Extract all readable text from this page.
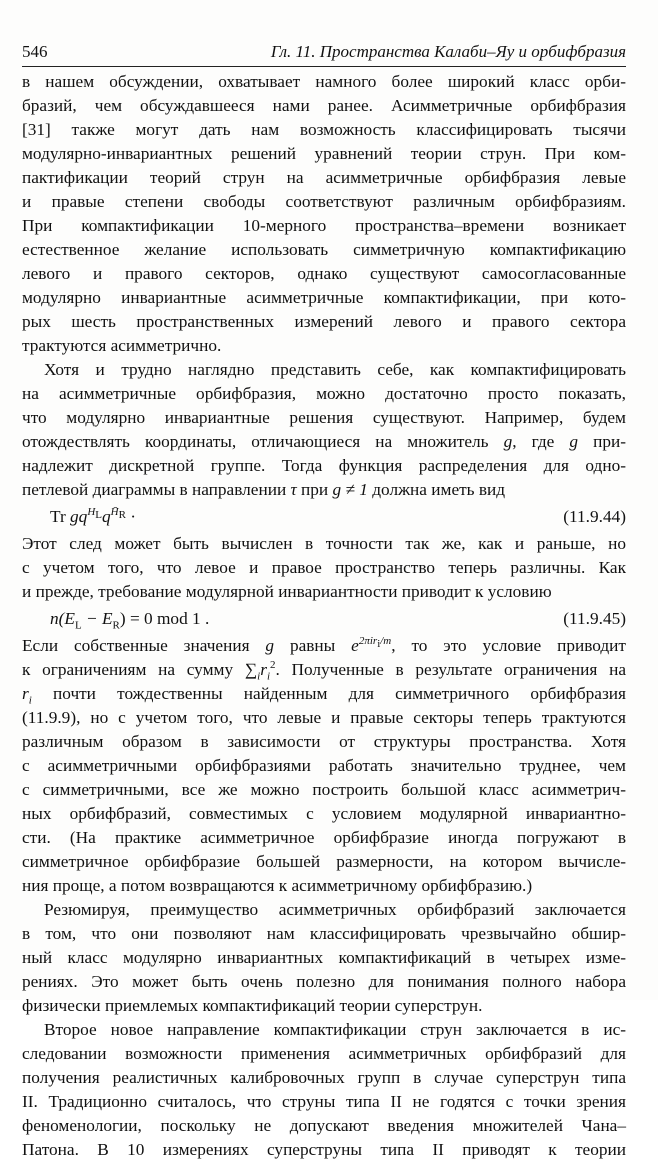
546	Гл. 11. Пространства Калаби–Яу и орбифбразия
в нашем обсуждении, охватывает намного более широкий класс орби-
бразий, чем обсуждавшееся нами ранее. Асимметричные орбифбразия
[31] также могут дать нам возможность классифицировать тысячи
модулярно-инвариантных решений уравнений теории струн. При ком-
пактификации теорий струн на асимметричные орбифбразия левые
и правые степени свободы соответствуют различным орбифбразиям.
При компактификации 10-мерного пространства–времени возникает
естественное желание использовать симметричную компактификацию
левого и правого секторов, однако существуют самосогласованные
модулярно инвариантные асимметричные компактификации, при кото-
рых шесть пространственных измерений левого и правого сектора
трактуются асимметрично.
Хотя и трудно наглядно представить себе, как компактифицировать
на асимметричные орбифбразия, можно достаточно просто показать,
что модулярно инвариантные решения существуют. Например, будем
отождествлять координаты, отличающиеся на множитель g, где g при-
надлежит дискретной группе. Тогда функция распределения для одно-
петлевой диаграммы в направлении τ при g ≠ 1 должна иметь вид
Tr $gq^{H_L}q^{H̄_R}$ ·	(11.9.44)
Этот след может быть вычислен в точности так же, как и раньше, но
с учетом того, что левое и правое пространство теперь различны. Как
и прежде, требование модулярной инвариантности приводит к условию
$n(E_L - E_R) = 0$ mod 1 .	(11.9.45)
Если собственные значения g равны $e^{2\pi ir_i/m}$, то это условие приводит
к ограничениям на сумму $\sum_ir_i^2$. Полученные в результате ограничения на
$r_i$ почти тождественны найденным для симметричного орбифбразия
(11.9.9), но с учетом того, что левые и правые секторы теперь трактуются
различным образом в зависимости от структуры пространства. Хотя
с асимметричными орбифбразиями работать значительно труднее, чем
с симметричными, все же можно построить большой класс асимметрич-
ных орбифбразий, совместимых с условием модулярной инвариантно-
сти. (На практике асимметричное орбифбразие иногда погружают в
симметричное орбифбразие большей размерности, на котором вычисле-
ния проще, а потом возвращаются к асимметричному орбифбразию.)
Резюмируя, преимущество асимметричных орбифбразий заключается
в том, что они позволяют нам классифицировать чрезвычайно обшир-
ный класс модулярно инвариантных компактификаций в четырех изме-
рениях. Это может быть очень полезно для понимания полного набора
физически приемлемых компактификаций теории суперструн.
Второе новое направление компактификации струн заключается в ис-
следовании возможности применения асимметричных орбифбразий для
получения реалистичных калибровочных групп в случае суперструн типа
II. Традиционно считалось, что струны типа II не годятся с точки зрения
феноменологии, поскольку не допускают введения множителей Чана–
Патона. В 10 измерениях суперструны типа II приводят к теории
